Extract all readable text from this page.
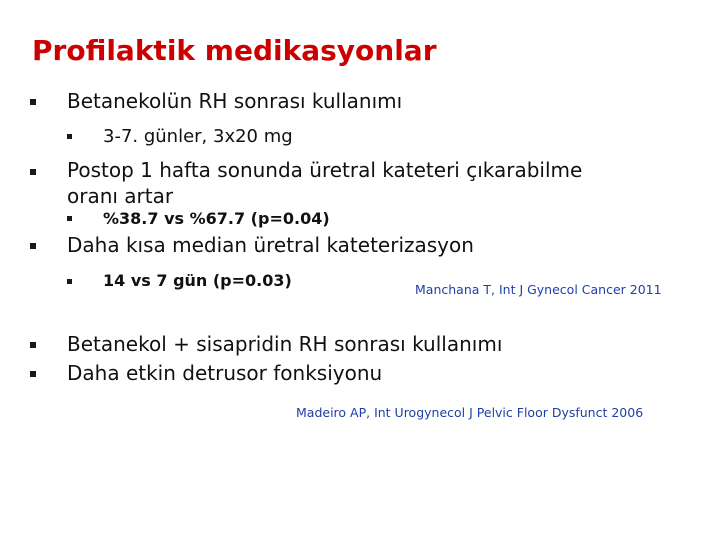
Profilaktik medikasyonlar
Betanekolün RH sonrası kullanımı
3-7. günler, 3x20 mg
Postop 1 hafta sonunda üretral kateteri çıkarabilme
oranı artar
%38.7 vs %67.7 (p=0.04)
Daha kısa median üretral kateterizasyon
14 vs 7 gün (p=0.03)	Manchana T, Int J Gynecol Cancer 2011
Betanekol + sisapridin RH sonrası kullanımı
Daha etkin detrusor fonksiyonu
Madeiro AP, Int Urogynecol J Pelvic Floor Dysfunct 2006
